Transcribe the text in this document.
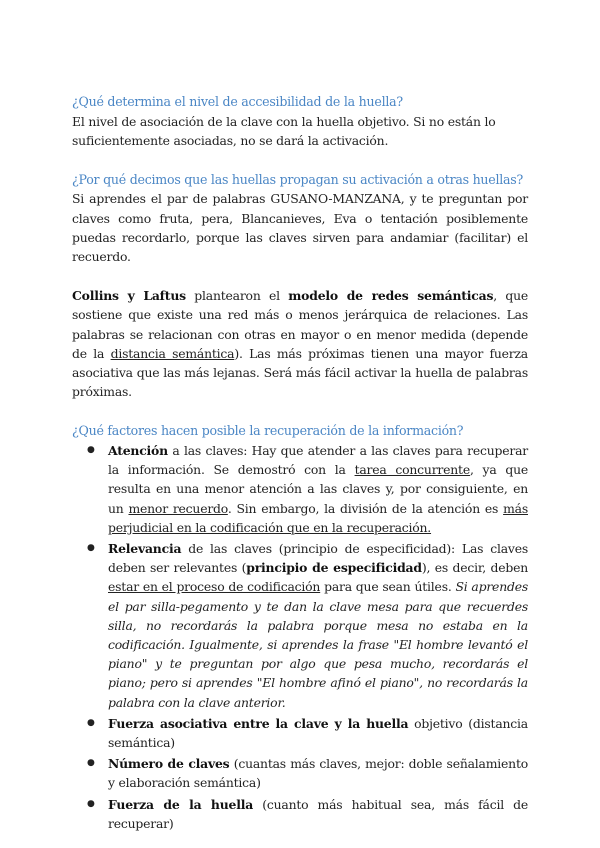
¿Qué determina el nivel de accesibilidad de la huella?

El nivel de asociación de la clave con la huella objetivo. Si no están lo suficientemente asociadas, no se dará la activación.

¿Por qué decimos que las huellas propagan su activación a otras huellas?

Si aprendes el par de palabras GUSANO-MANZANA, y te preguntan por claves como fruta, pera, Blancanieves, Eva o tentación posiblemente puedas recordarlo, porque las claves sirven para andamiar (facilitar) el recuerdo.

Collins y Laftus plantearon el modelo de redes semánticas, que sostiene que existe una red más o menos jerárquica de relaciones. Las palabras se relacionan con otras en mayor o en menor medida (depende de la distancia semántica). Las más próximas tienen una mayor fuerza asociativa que las más lejanas. Será más fácil activar la huella de palabras próximas.

¿Qué factores hacen posible la recuperación de la información?

● Atención a las claves: Hay que atender a las claves para recuperar la información. Se demostró con la tarea concurrente, ya que resulta en una menor atención a las claves y, por consiguiente, en un menor recuerdo. Sin embargo, la división de la atención es más perjudicial en la codificación que en la recuperación.
● Relevancia de las claves (principio de especificidad): Las claves deben ser relevantes (principio de especificidad), es decir, deben estar en el proceso de codificación para que sean útiles. Si aprendes el par silla-pegamento y te dan la clave mesa para que recuerdes silla, no recordarás la palabra porque mesa no estaba en la codificación. Igualmente, si aprendes la frase "El hombre levantó el piano" y te preguntan por algo que pesa mucho, recordarás el piano; pero si aprendes "El hombre afinó el piano", no recordarás la palabra con la clave anterior.
● Fuerza asociativa entre la clave y la huella objetivo (distancia semántica)
● Número de claves (cuantas más claves, mejor: doble señalamiento y elaboración semántica)
● Fuerza de la huella (cuanto más habitual sea, más fácil de recuperar)
